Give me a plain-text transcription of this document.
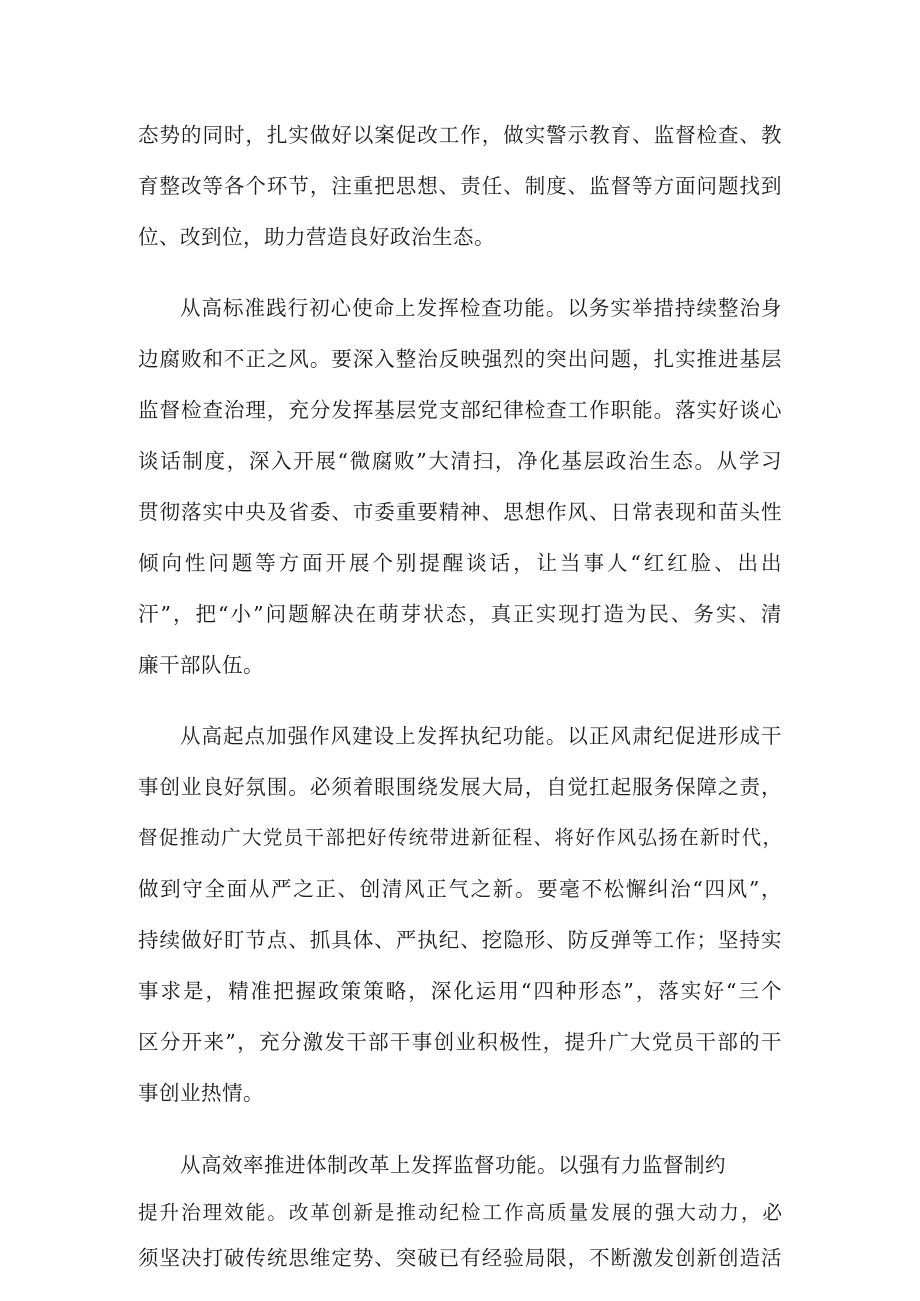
态势的同时，扎实做好以案促改工作，做实警示教育、监督检查、教
育整改等各个环节，注重把思想、责任、制度、监督等方面问题找到
位、改到位，助力营造良好政治生态。
从高标准践行初心使命上发挥检查功能。以务实举措持续整治身
边腐败和不正之风。要深入整治反映强烈的突出问题，扎实推进基层
监督检查治理，充分发挥基层党支部纪律检查工作职能。落实好谈心
谈话制度，深入开展“微腐败”大清扫，净化基层政治生态。从学习
贯彻落实中央及省委、市委重要精神、思想作风、日常表现和苗头性
倾向性问题等方面开展个别提醒谈话，让当事人“红红脸、出出
汗”，把“小”问题解决在萌芽状态，真正实现打造为民、务实、清
廉干部队伍。
从高起点加强作风建设上发挥执纪功能。以正风肃纪促进形成干
事创业良好氛围。必须着眼围绕发展大局，自觉扛起服务保障之责，
督促推动广大党员干部把好传统带进新征程、将好作风弘扬在新时代，
做到守全面从严之正、创清风正气之新。要毫不松懈纠治“四风”，
持续做好盯节点、抓具体、严执纪、挖隐形、防反弹等工作；坚持实
事求是，精准把握政策策略，深化运用“四种形态”，落实好“三个
区分开来”，充分激发干部干事创业积极性，提升广大党员干部的干
事创业热情。
从高效率推进体制改革上发挥监督功能。以强有力监督制约
提升治理效能。改革创新是推动纪检工作高质量发展的强大动力，必
须坚决打破传统思维定势、突破已有经验局限，不断激发创新创造活
